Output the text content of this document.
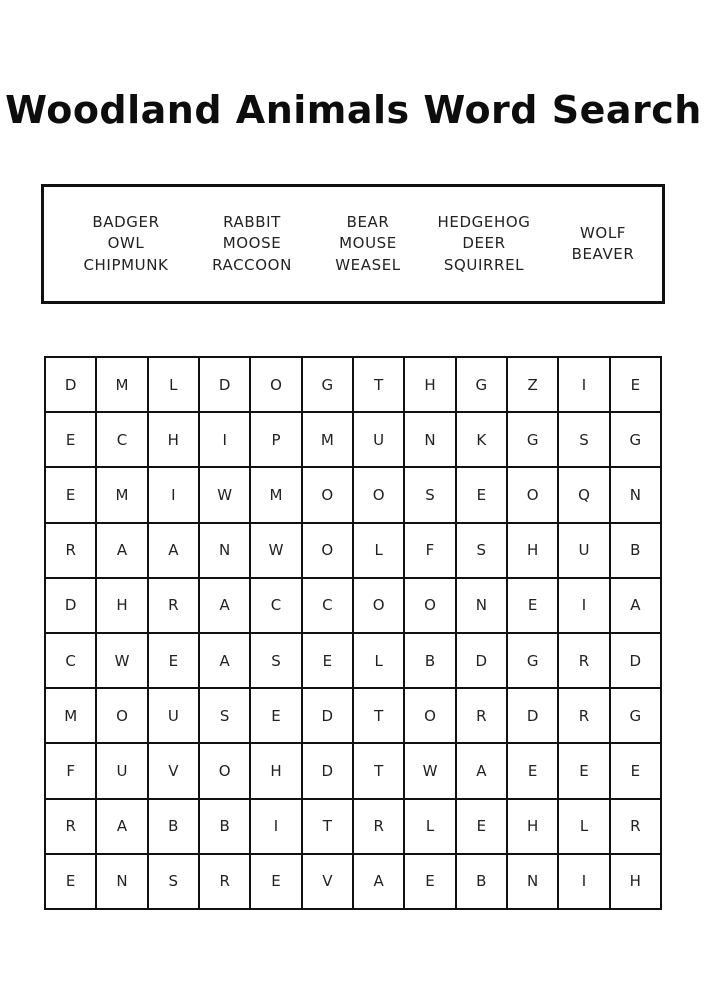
Woodland Animals Word Search
BADGER
OWL
CHIPMUNK
RABBIT
MOOSE
RACCOON
BEAR
MOUSE
WEASEL
HEDGEHOG
DEER
SQUIRREL
WOLF
BEAVER
D	M	L	D	O	G	T	H	G	Z	I	E
E	C	H	I	P	M	U	N	K	G	S	G
E	M	I	W	M	O	O	S	E	O	Q	N
R	A	A	N	W	O	L	F	S	H	U	B
D	H	R	A	C	C	O	O	N	E	I	A
C	W	E	A	S	E	L	B	D	G	R	D
M	O	U	S	E	D	T	O	R	D	R	G
F	U	V	O	H	D	T	W	A	E	E	E
R	A	B	B	I	T	R	L	E	H	L	R
E	N	S	R	E	V	A	E	B	N	I	H
